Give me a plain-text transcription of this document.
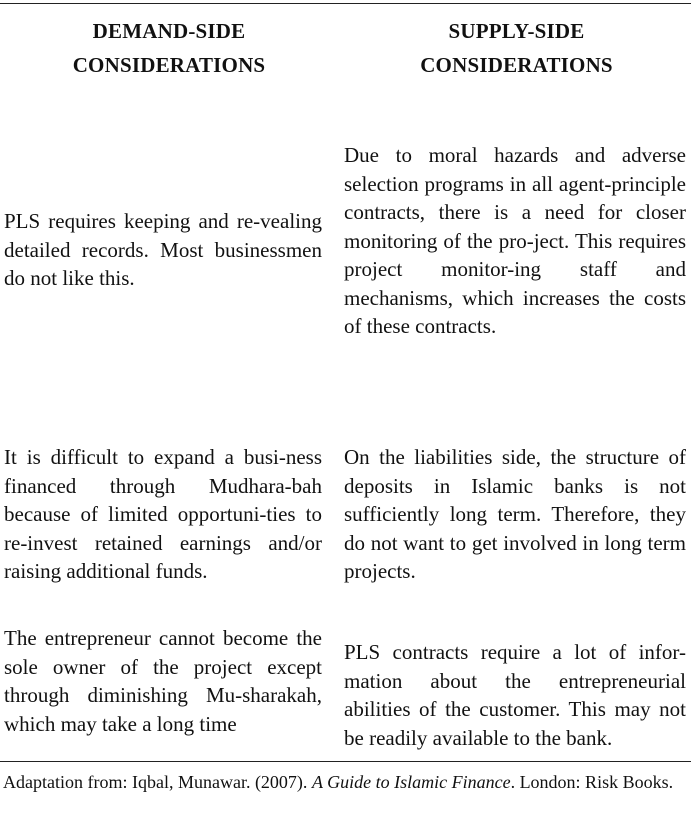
DEMAND-SIDE
CONSIDERATIONS
SUPPLY-SIDE
CONSIDERATIONS
PLS requires keeping and re-vealing detailed records. Most businessmen do not like this.
Due to moral hazards and adverse selection programs in all agent-principle contracts, there is a need for closer monitoring of the pro-ject. This requires project monitor-ing staff and mechanisms, which increases the costs of these contracts.
It is difficult to expand a busi-ness financed through Mudhara-bah because of limited opportuni-ties to re-invest retained earnings and/or raising additional funds.
On the liabilities side, the structure of deposits in Islamic banks is not sufficiently long term. Therefore, they do not want to get involved in long term projects.
The entrepreneur cannot become the sole owner of the project except through diminishing Mu-sharakah, which may take a long time
PLS contracts require a lot of infor-mation about the entrepreneurial abilities of the customer. This may not be readily available to the bank.
Adaptation from: Iqbal, Munawar. (2007). A Guide to Islamic Finance. London: Risk Books.
